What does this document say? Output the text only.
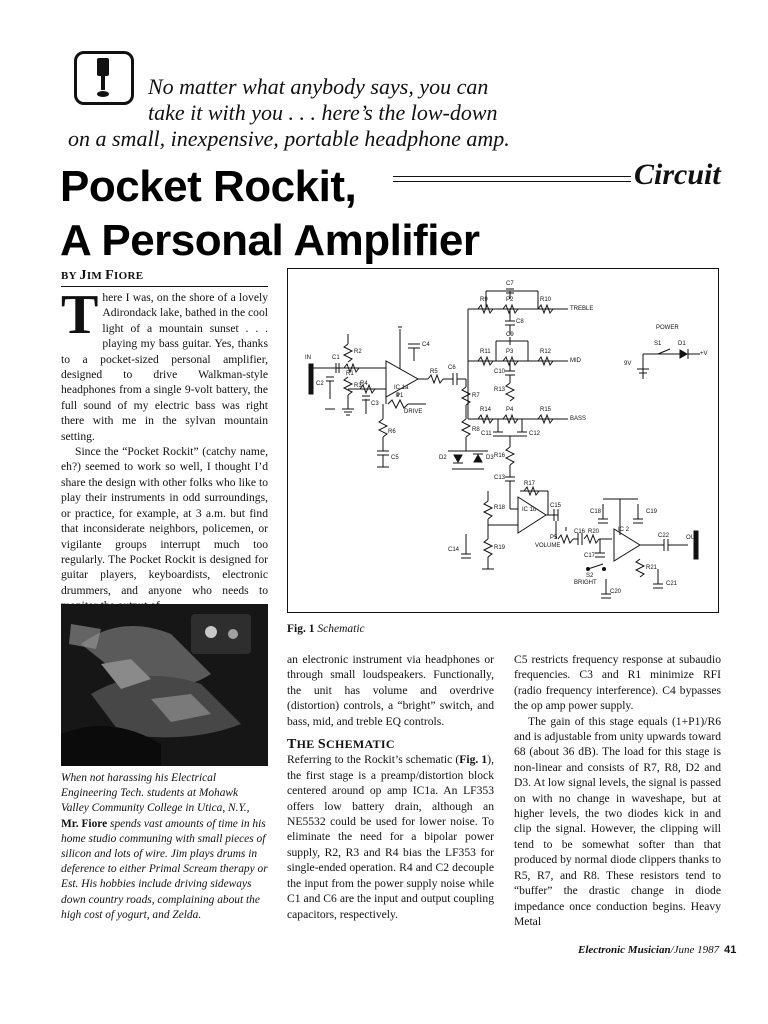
No matter what anybody says, you can
take it with you . . . here’s the low-down
on a small, inexpensive, portable headphone amp.
Pocket Rockit,
A Personal Amplifier
Circuit
BY JIM FIORE
T here I was, on the shore of a lovely Adirondack lake, bathed in the cool light of a mountain sunset . . . playing my bass guitar. Yes, thanks to a pocket-sized personal amplifier, designed to drive Walkman-style headphones from a single 9-volt battery, the full sound of my electric bass was right there with me in the sylvan mountain setting.
Since the “Pocket Rockit” (catchy name, eh?) seemed to work so well, I thought I’d share the design with other folks who like to play their instruments in odd surroundings, or practice, for example, at 3 a.m. but find that inconsiderate neighbors, policemen, or vigilante groups interrupt much too regularly. The Pocket Rockit is designed for guitar players, keyboardists, electronic drummers, and anyone who needs to
When not harassing his Electrical Engineering Tech. students at Mohawk Valley Community College in Utica, N.Y., Mr. Fiore spends vast amounts of time in his home studio communing with small pieces of silicon and lots of wire. Jim plays drums in deference to either Primal Scream therapy or Est. His hobbies include driving sideways down country roads, complaining about the high cost of yogurt, and Zelda.
IN	C1
R1
R2
R3
R4
C2
C3
C4
IC 1a
P1
DRIVE
R5
C6
R6
C5
R7
R8
D2	D3
R9	P2	R10
TREBLE
C7
C8
C9
R11	P3	R12
MID
C10
R13
R14 P4	R15
BASS
C11	C12
R16
C13
R17
R18	IC 1b
R19
C14
C15
P5
VOLUME
C16 R20
C17
S2
BRIGHT
C20
C18	C19
IC 2
C22	OUT
R21
C21
POWER
S1	D1
9V
+V
Fig. 1 Schematic
an electronic instrument via headphones or through small loudspeakers. Functionally, the unit has volume and overdrive (distortion) controls, a “bright” switch, and bass, mid, and treble EQ controls.
THE SCHEMATIC
Referring to the Rockit’s schematic (Fig. 1), the first stage is a preamp/distortion block centered around op amp IC1a. An LF353 offers low battery drain, although an NE5532 could be used for lower noise. To eliminate the need for a bipolar power supply, R2, R3 and R4 bias the LF353 for single-ended operation. R4 and C2 decouple the input from the power supply noise while C1 and C6 are the input and output coupling capacitors, respectively.
C5 restricts frequency response at subaudio frequencies. C3 and R1 minimize RFI (radio frequency interference). C4 bypasses the op amp power supply.
The gain of this stage equals (1+P1)/R6 and is adjustable from unity upwards toward 68 (about 36 dB). The load for this stage is non-linear and consists of R7, R8, D2 and D3. At low signal levels, the signal is passed on with no change in waveshape, but at higher levels, the two diodes kick in and clip the signal. However, the clipping will tend to be somewhat softer than that produced by normal diode clippers thanks to R5, R7, and R8. These resistors tend to “buffer” the drastic change in diode impedance once conduction begins. Heavy Metal
Electronic Musician/June 1987 41
